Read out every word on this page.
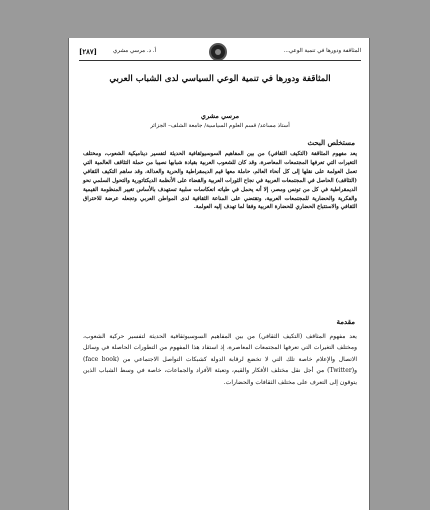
[٢٨٧]	أ. د. مرسي مشري	المثاقفة ودورها في تنمية الوعي...
المثاقفة ودورها في تنمية الوعي السياسي لدى الشباب العربي
مرسي مشري
أستاذ مساعد/ قسم العلوم السياسية/ جامعة الشلف– الجزائر
مستخلص البحث

يعد مفهوم المثاقفة (التكيف الثقافي) من بين المفاهيم السوسيوثقافية الحديثة لتفسير ديناميكية الشعوب، ومختلف التغيرات التي تعرفها المجتمعات المعاصرة، وقد كان للشعوب العربية بقيادة شبابها نصيبا من حملة التثاقف العالمية التي تعمل العولمة على نقلها إلى كل أنحاء العالم، حاملة معها قيم الديمقراطية والحرية والعدالة، وقد ساهم التكيف الثقافي (التثاقف) الحاصل في المجتمعات العربية في نجاح الثورات العربية والقضاء على الأنظمة الديكتاتورية والتحول السلمي نحو الديمقراطية في كل من تونس ومصر، إلا أنه يحمل في طياته انعكاسات سلبية تستهدف بالأساس تغيير المنظومة القيمية والفكرية والحضارية للمجتمعات العربية، وتقتضي على المناعة الثقافية لدى المواطن العربي وتجعله عرضة للاختراق الثقافي والاستتباع الحضاري للحضارة الغربية وفقا لما تهدف إليه العولمة.

مقدمة

يعد مفهوم المثاقف (التكيف الثقافي) من بين المفاهيم السوسيوثقافية الحديثة لتفسير حركية الشعوب، ومختلف التغيرات التي تعرفها المجتمعات المعاصرة، إذ استفاد هذا المفهوم من التطورات الحاصلة في وسائل الاتصال والإعلام خاصة تلك التي لا تخضع لرقابة الدولة كشبكات التواصل الاجتماعي من (face book) و(Twitter) من أجل نقل مختلف الأفكار والقيم، وتعبئة الأفراد والجماعات، خاصة في وسط الشباب الذين يتوقون إلى التعرف على مختلف الثقافات والحضارات.
